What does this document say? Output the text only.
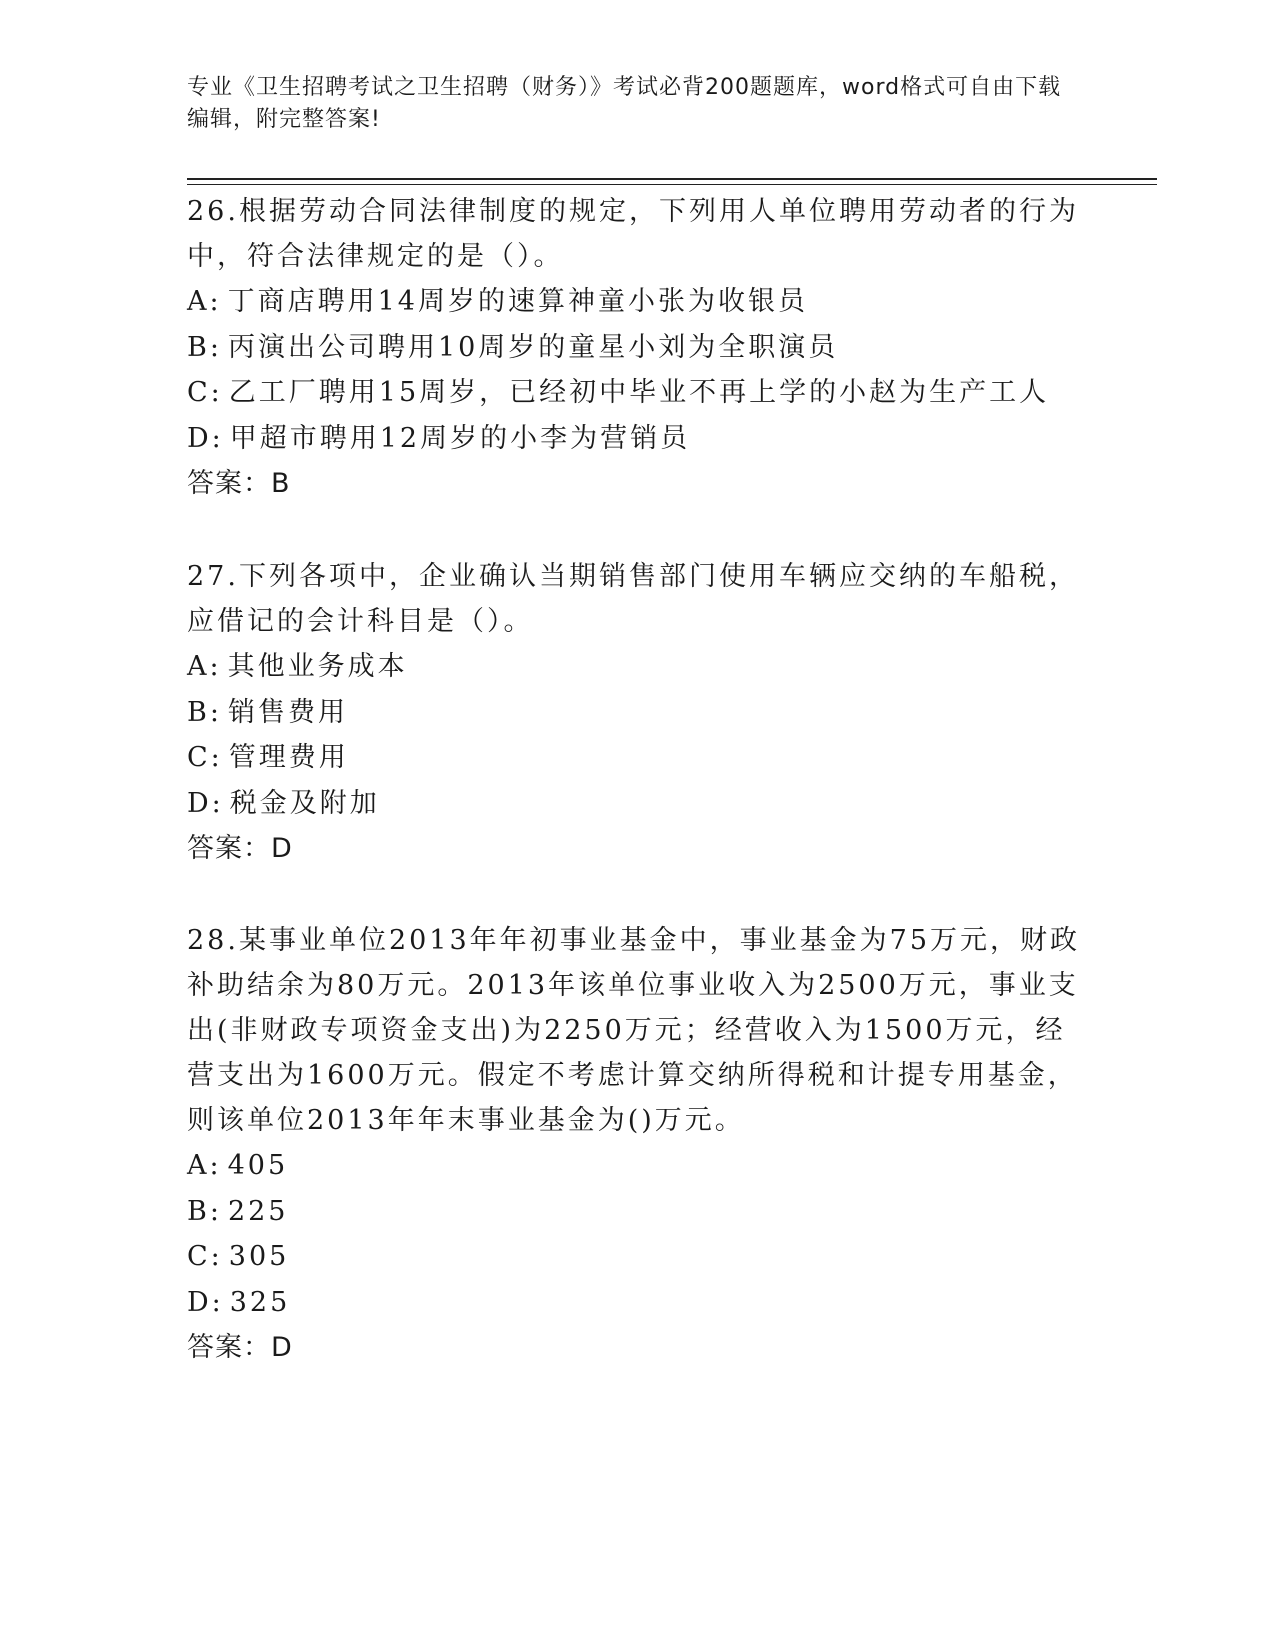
专业《卫生招聘考试之卫生招聘（财务）》考试必背200题题库，word格式可自由下载编辑，附完整答案!
26.根据劳动合同法律制度的规定，下列用人单位聘用劳动者的行为中，符合法律规定的是（）。
A: 丁商店聘用14周岁的速算神童小张为收银员
B: 丙演出公司聘用10周岁的童星小刘为全职演员
C: 乙工厂聘用15周岁，已经初中毕业不再上学的小赵为生产工人
D: 甲超市聘用12周岁的小李为营销员
答案：B
27.下列各项中，企业确认当期销售部门使用车辆应交纳的车船税，应借记的会计科目是（）。
A: 其他业务成本
B: 销售费用
C: 管理费用
D: 税金及附加
答案：D
28.某事业单位2013年年初事业基金中，事业基金为75万元，财政补助结余为80万元。2013年该单位事业收入为2500万元，事业支出(非财政专项资金支出)为2250万元；经营收入为1500万元，经营支出为1600万元。假定不考虑计算交纳所得税和计提专用基金，则该单位2013年年末事业基金为()万元。
A: 405
B: 225
C: 305
D: 325
答案：D
